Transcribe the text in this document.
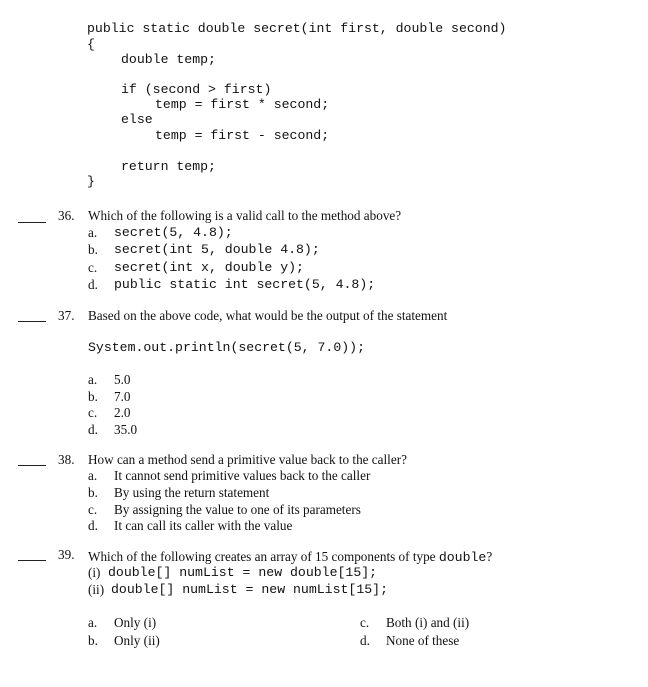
public static double secret(int first, double second)
{
double temp;
if (second > first)
temp = first * second;
else
temp = first - second;
return temp;
}
36. Which of the following is a valid call to the method above?
a. secret(5, 4.8);
b. secret(int 5, double 4.8);
c. secret(int x, double y);
d. public static int secret(5, 4.8);
37. Based on the above code, what would be the output of the statement
System.out.println(secret(5, 7.0));
a. 5.0
b. 7.0
c. 2.0
d. 35.0
38. How can a method send a primitive value back to the caller?
a. It cannot send primitive values back to the caller
b. By using the return statement
c. By assigning the value to one of its parameters
d. It can call its caller with the value
39. Which of the following creates an array of 15 components of type double?
(i) double[] numList = new double[15];
(ii) double[] numList = new numList[15];
a. Only (i)
b. Only (ii)
c. Both (i) and (ii)
d. None of these
